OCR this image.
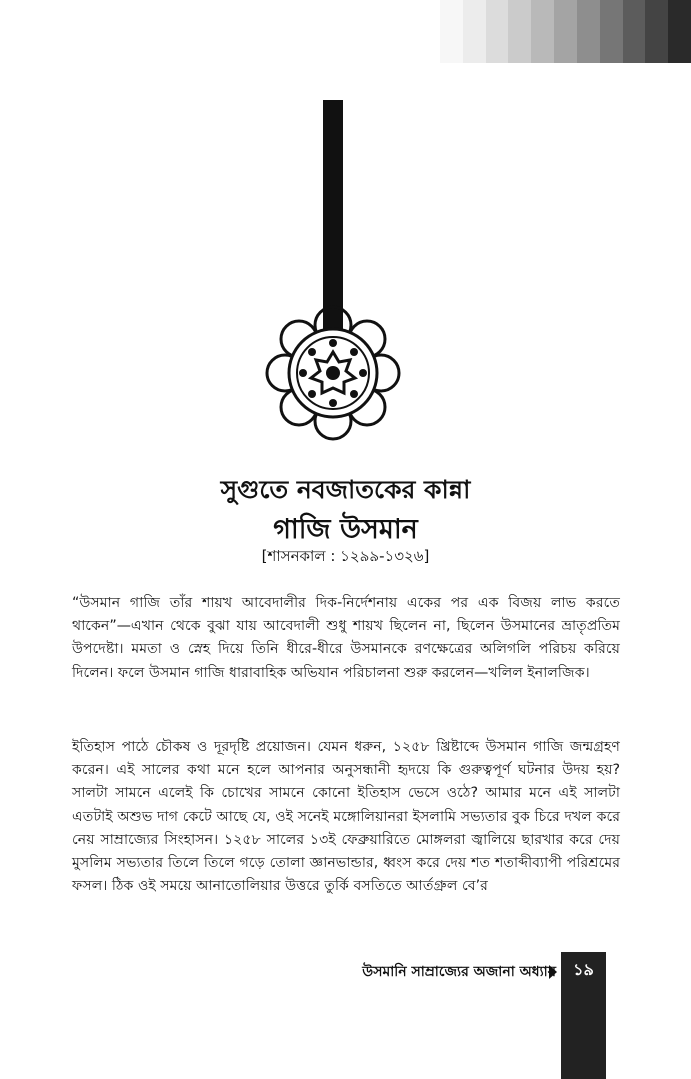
সুগুতে নবজাতকের কান্না
গাজি উসমান
[শাসনকাল : ১২৯৯-১৩২৬]

“উসমান গাজি তাঁর শায়খ আবেদালীর দিক-নির্দেশনায় একের পর এক বিজয় লাভ করতে থাকেন”—এখান থেকে বুঝা যায় আবেদালী শুধু শায়খ ছিলেন না, ছিলেন উসমানের ভ্রাতৃপ্রতিম উপদেষ্টা। মমতা ও স্নেহ দিয়ে তিনি ধীরে-ধীরে উসমানকে রণক্ষেত্রের অলিগলি পরিচয় করিয়ে দিলেন। ফলে উসমান গাজি ধারাবাহিক অভিযান পরিচালনা শুরু করলেন—খলিল ইনালজিক।

ইতিহাস পাঠে চৌকষ ও দূরদৃষ্টি প্রয়োজন। যেমন ধরুন, ১২৫৮ খ্রিষ্টাব্দে উসমান গাজি জন্মগ্রহণ করেন। এই সালের কথা মনে হলে আপনার অনুসন্ধানী হৃদয়ে কি গুরুত্বপূর্ণ ঘটনার উদয় হয়? সালটা সামনে এলেই কি চোখের সামনে কোনো ইতিহাস ভেসে ওঠে? আমার মনে এই সালটা এতটাই অশুভ দাগ কেটে আছে যে, ওই সনেই মঙ্গোলিয়ানরা ইসলামি সভ্যতার বুক চিরে দখল করে নেয় সাম্রাজ্যের সিংহাসন। ১২৫৮ সালের ১৩ই ফেব্রুয়ারিতে মোঙ্গলরা জ্বালিয়ে ছারখার করে দেয় মুসলিম সভ্যতার তিলে তিলে গড়ে তোলা জ্ঞানভান্ডার, ধ্বংস করে দেয় শত শতাব্দীব্যাপী পরিশ্রমের ফসল। ঠিক ওই সময়ে আনাতোলিয়ার উত্তরে তুর্কি বসতিতে আর্তগ্রুল বে’র

উসমানি সাম্রাজ্যের অজানা অধ্যায়	১৯
